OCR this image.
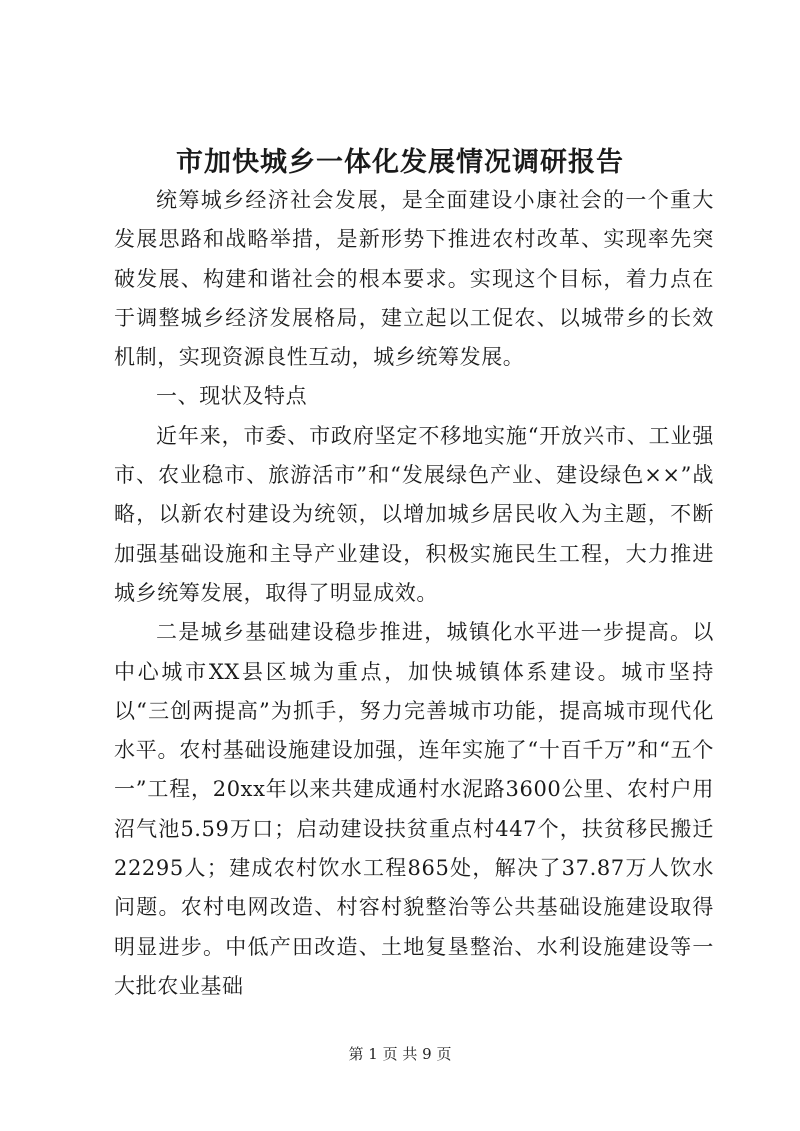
市加快城乡一体化发展情况调研报告

统筹城乡经济社会发展，是全面建设小康社会的一个重大发展思路和战略举措，是新形势下推进农村改革、实现率先突破发展、构建和谐社会的根本要求。实现这个目标，着力点在于调整城乡经济发展格局，建立起以工促农、以城带乡的长效机制，实现资源良性互动，城乡统筹发展。

一、现状及特点

近年来，市委、市政府坚定不移地实施“开放兴市、工业强市、农业稳市、旅游活市”和“发展绿色产业、建设绿色××”战略，以新农村建设为统领，以增加城乡居民收入为主题，不断加强基础设施和主导产业建设，积极实施民生工程，大力推进城乡统筹发展，取得了明显成效。

二是城乡基础建设稳步推进，城镇化水平进一步提高。以中心城市XX县区城为重点，加快城镇体系建设。城市坚持以“三创两提高”为抓手，努力完善城市功能，提高城市现代化水平。农村基础设施建设加强，连年实施了“十百千万”和“五个一”工程，20xx年以来共建成通村水泥路3600公里、农村户用沼气池5.59万口；启动建设扶贫重点村447个，扶贫移民搬迁22295人；建成农村饮水工程865处，解决了37.87万人饮水问题。农村电网改造、村容村貌整治等公共基础设施建设取得明显进步。中低产田改造、土地复垦整治、水利设施建设等一大批农业基础

第 1 页 共 9 页
